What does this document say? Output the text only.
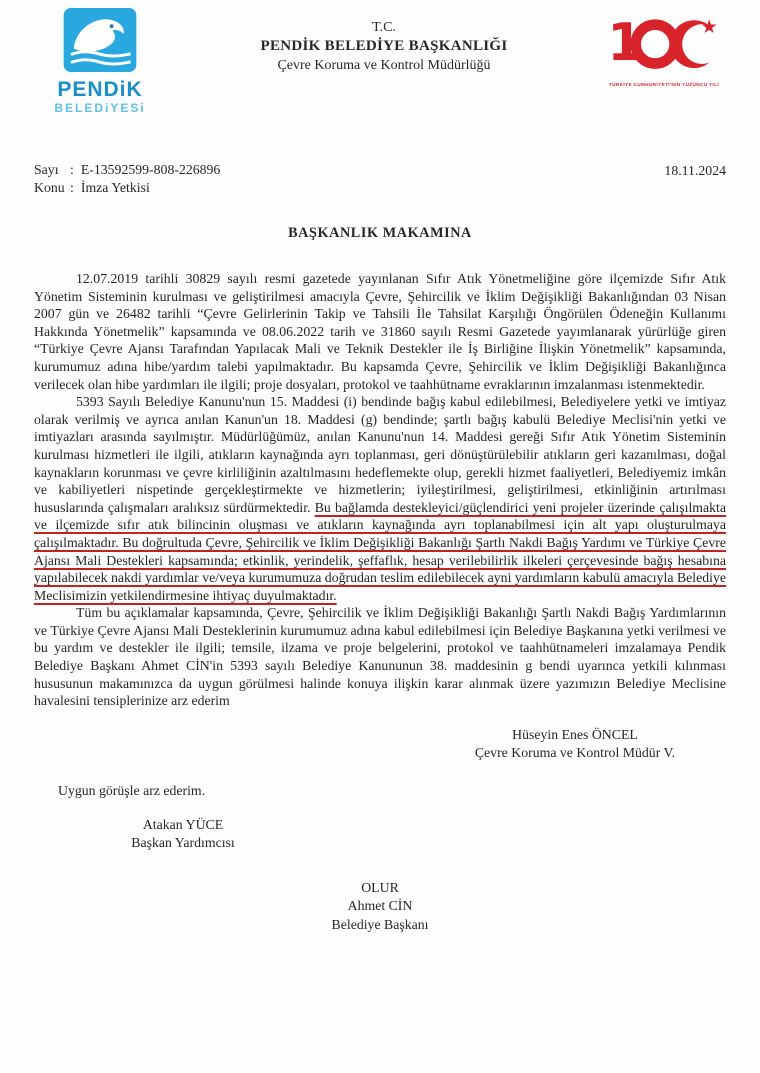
PENDiK
BELEDiYESi
T.C.
PENDİK BELEDİYE BAŞKANLIĞI
Çevre Koruma ve Kontrol Müdürlüğü	1
TÜRKİYE CUMHURİYETİ'NİN YÜZÜNCÜ YILI
Sayı : E-13592599-808-226896
Konu : İmza Yetkisi
18.11.2024
BAŞKANLIK MAKAMINA

12.07.2019 tarihli 30829 sayılı resmi gazetede yayınlanan Sıfır Atık Yönetmeliğine göre ilçemizde Sıfır Atık Yönetim Sisteminin kurulması ve geliştirilmesi amacıyla Çevre, Şehircilik ve İklim Değişikliği Bakanlığından 03 Nisan 2007 gün ve 26482 tarihli “Çevre Gelirlerinin Takip ve Tahsili İle Tahsilat Karşılığı Öngörülen Ödeneğin Kullanımı Hakkında Yönetmelik” kapsamında ve 08.06.2022 tarih ve 31860 sayılı Resmi Gazetede yayımlanarak yürürlüğe giren “Türkiye Çevre Ajansı Tarafından Yapılacak Mali ve Teknik Destekler ile İş Birliğine İlişkin Yönetmelik” kapsamında, kurumumuz adına hibe/yardım talebi yapılmaktadır. Bu kapsamda Çevre, Şehircilik ve İklim Değişikliği Bakanlığınca verilecek olan hibe yardımları ile ilgili; proje dosyaları, protokol ve taahhütname evraklarının imzalanması istenmektedir.

5393 Sayılı Belediye Kanunu'nun 15. Maddesi (i) bendinde bağış kabul edilebilmesi, Belediyelere yetki ve imtiyaz olarak verilmiş ve ayrıca anılan Kanun'un 18. Maddesi (g) bendinde; şartlı bağış kabulü Belediye Meclisi'nin yetki ve imtiyazları arasında sayılmıştır. Müdürlüğümüz, anılan Kanunu'nun 14. Maddesi gereği Sıfır Atık Yönetim Sisteminin kurulması hizmetleri ile ilgili, atıkların kaynağında ayrı toplanması, geri dönüştürülebilir atıkların geri kazanılması, doğal kaynakların korunması ve çevre kirliliğinin azaltılmasını hedeflemekte olup, gerekli hizmet faaliyetleri, Belediyemiz imkân ve kabiliyetleri nispetinde gerçekleştirmekte ve hizmetlerin; iyileştirilmesi, geliştirilmesi, etkinliğinin artırılması hususlarında çalışmaları aralıksız sürdürmektedir. Bu bağlamda destekleyici/güçlendirici yeni projeler üzerinde çalışılmakta ve ilçemizde sıfır atık bilincinin oluşması ve atıkların kaynağında ayrı toplanabilmesi için alt yapı oluşturulmaya çalışılmaktadır. Bu doğrultuda Çevre, Şehircilik ve İklim Değişikliği Bakanlığı Şartlı Nakdi Bağış Yardımı ve Türkiye Çevre Ajansı Mali Destekleri kapsamında; etkinlik, yerindelik, şeffaflık, hesap verilebilirlik ilkeleri çerçevesinde bağış hesabına yapılabilecek nakdi yardımlar ve/veya kurumumuza doğrudan teslim edilebilecek ayni yardımların kabulü amacıyla Belediye Meclisimizin yetkilendirmesine ihtiyaç duyulmaktadır.

Tüm bu açıklamalar kapsamında, Çevre, Şehircilik ve İklim Değişikliği Bakanlığı Şartlı Nakdi Bağış Yardımlarının ve Türkiye Çevre Ajansı Mali Desteklerinin kurumumuz adına kabul edilebilmesi için Belediye Başkanına yetki verilmesi ve bu yardım ve destekler ile ilgili; temsile, ilzama ve proje belgelerini, protokol ve taahhütnameleri imzalamaya Pendik Belediye Başkanı Ahmet CİN'in 5393 sayılı Belediye Kanununun 38. maddesinin g bendi uyarınca yetkili kılınması hususunun makamınızca da uygun görülmesi halinde konuya ilişkin karar alınmak üzere yazımızın Belediye Meclisine havalesini tensiplerinize arz ederim

Hüseyin Enes ÖNCEL
Çevre Koruma ve Kontrol Müdür V.
Uygun görüşle arz ederim.
Atakan YÜCE
Başkan Yardımcısı
OLUR
Ahmet CİN
Belediye Başkanı
